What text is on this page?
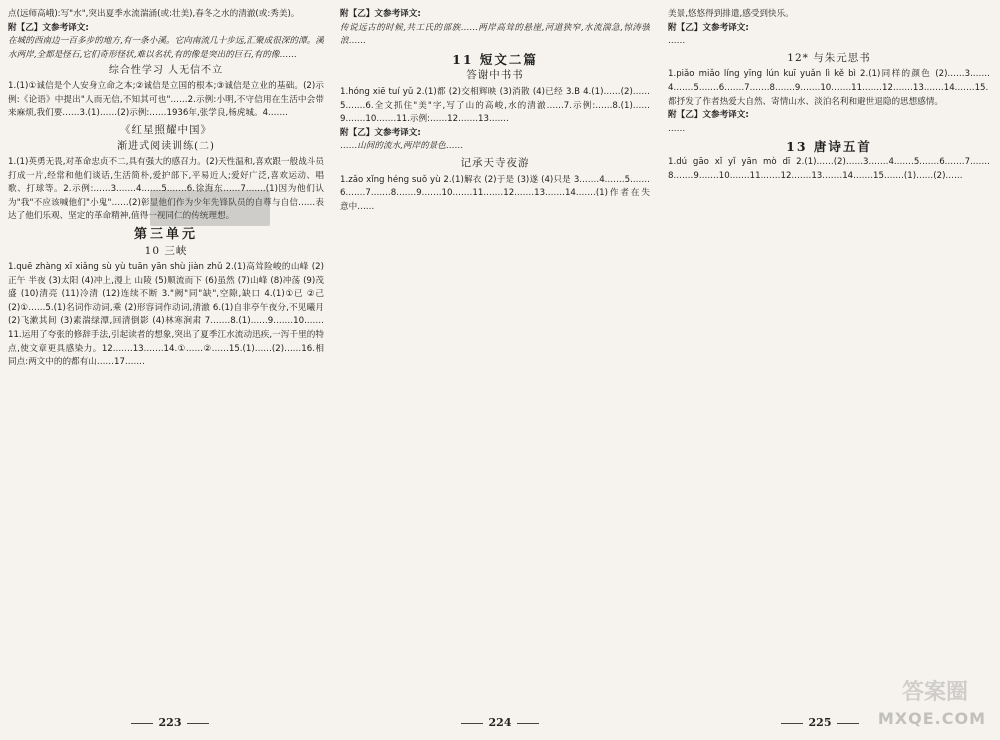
点(远师高峨):写"水",突出夏季水流湍涌(或:壮美),春冬之水的清澈(或:秀美)。

附【乙】文参考译文:

在城的西南边一百多步的地方,有一条小溪。它向南流几十步远,汇聚成很深的潭。溪水两岸,全都是怪石,它们奇形怪状,难以名状,有的像是突出的巨石,有的像……

综合性学习 人无信不立

1.(1)①诚信是个人安身立命之本;②诚信是立国的根本;③诚信是立业的基础。(2)示例:《论语》中提出"人而无信,不知其可也"……2.示例:小明,不守信用在生活中会带来麻烦,我们要……3.(1)……(2)示例:……1936年,张学良,杨虎城。4.……

《红星照耀中国》

渐进式阅读训练(二)

1.(1)英勇无畏,对革命忠贞不二,具有强大的感召力。(2)天性温和,喜欢跟一般战斗员打成一片,经常和他们谈话,生活简朴,爱护部下,平易近人;爱好广泛,喜欢运动、唱歌、打球等。2.示例:……3.……4.……5.……6.徐海东……7.……(1)因为他们认为"我"不应该喊他们"小鬼"……(2)彰显他们作为少年先锋队员的自尊与自信……表达了他们乐观、坚定的革命精神,值得一视同仁的传统理想。

第三单元

10 三峡

1.quē zhàng xī xiǎng sù yù tuān yān shù jiàn zhǔ 2.(1)高耸险峻的山峰 (2)正午 半夜 (3)太阳 (4)冲上,漫上 山陵 (5)顺流而下 (6)虽然 (7)山峰 (8)冲荡 (9)茂盛 (10)清亮 (11)冷清 (12)连续不断 3."阙"同"缺",空隙,缺口 4.(1)①已 ②己 (2)①……5.(1)名词作动词,乘 (2)形容词作动词,清澈 6.(1)自非亭午夜分,不见曦月 (2)飞漱其间 (3)素湍绿潭,回清倒影 (4)林寒涧肃 7.……8.(1)……9.……10.……11.运用了夸张的修辞手法,引起读者的想象,突出了夏季江水流动迅疾,一泻千里的特点,使文章更具感染力。12.……13.……14.①……②……15.(1)……(2)……16.相同点:两文中的的都有山……17.……

附【乙】文参考译文:

传说远古的时候,共工氏的部族……两岸高耸的悬崖,河道狭窄,水流湍急,惊涛骇浪……

11 短文二篇

答谢中书书

1.hóng xiē tuí yǔ 2.(1)都 (2)交相辉映 (3)消散 (4)已经 3.B 4.(1)……(2)……5.……6.全文抓住"美"字,写了山的高峻,水的清澈……7.示例:……8.(1)……9.……10.……11.示例:……12.……13.……

附【乙】文参考译文:

……山间的流水,两岸的景色……

记承天寺夜游

1.zǎo xǐng héng suǒ yù 2.(1)解衣 (2)于是 (3)遂 (4)只是 3.……4.……5.……6.……7.……8.……9.……10.……11.……12.……13.……14.……(1)作者在失意中……

美景,悠悠得到排遣,感受到快乐。

附【乙】文参考译文:

……

12* 与朱元思书

1.piǎo miǎo líng yīng lún kuī yuǎn lì kě bì 2.(1)同样的颜色 (2)……3.……4.……5.……6.……7.……8.……9.……10.……11.……12.……13.……14.……15.都抒发了作者热爱大自然、寄情山水、淡泊名利和避世退隐的思想感情。

附【乙】文参考译文:

……

13 唐诗五首

1.dú gāo xǐ yǐ yān mò dī 2.(1)……(2)……3.……4.……5.……6.……7.……8.……9.……10.……11.……12.……13.……14.……15.……(1)……(2)……

223	224	225
答案圈
MXQE.COM
